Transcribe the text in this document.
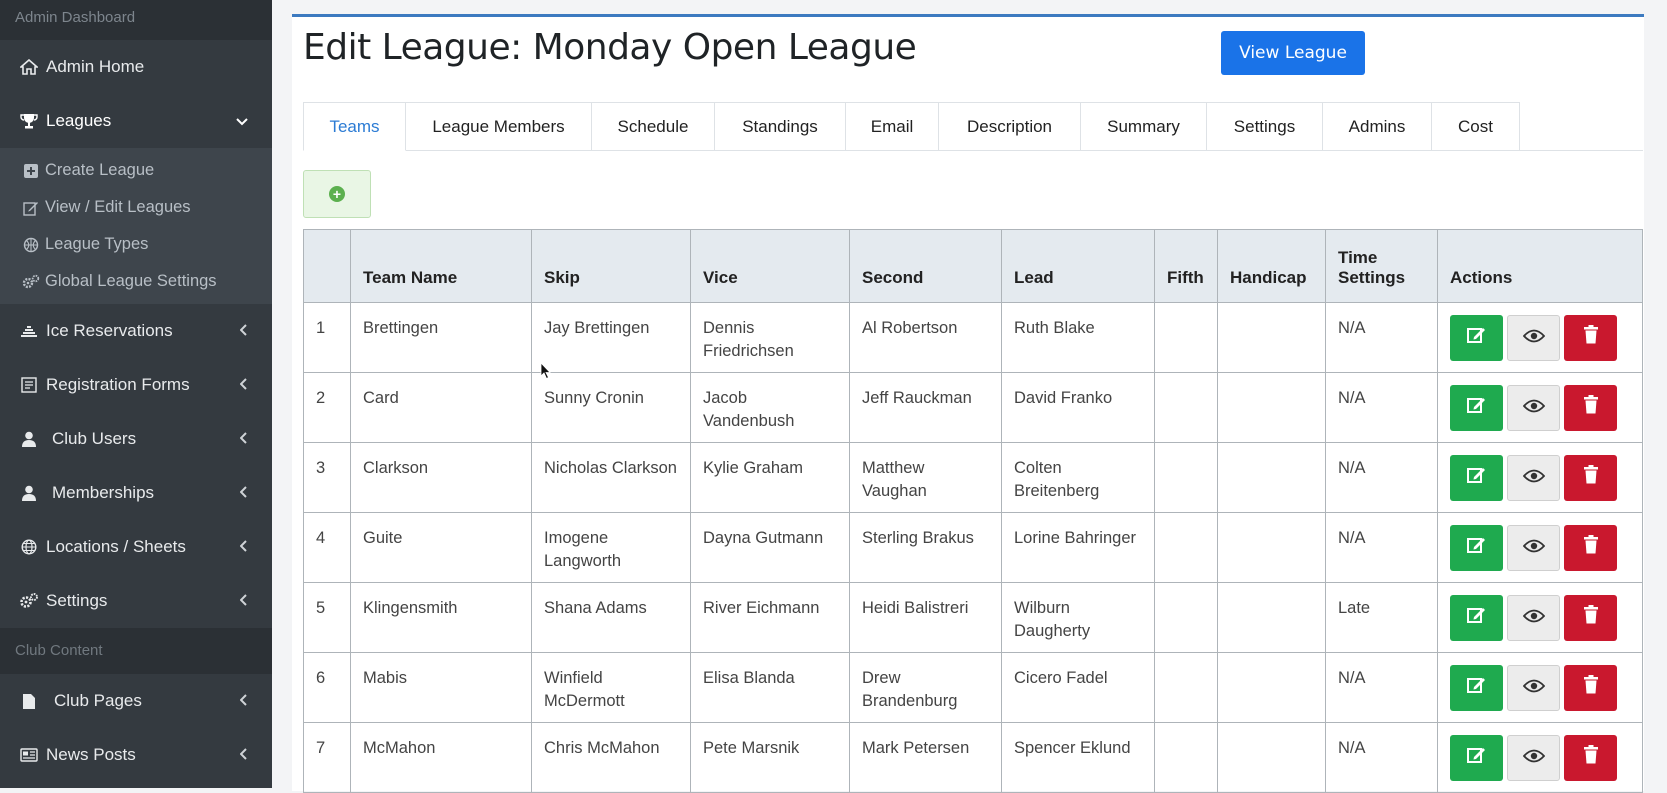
Admin Dashboard
Admin Home
Leagues
Create League
View / Edit Leagues
League Types
Global League Settings
Ice Reservations
Registration Forms
Club Users
Memberships
Locations / Sheets
Settings
Club Content
Club Pages
News Posts
Edit League: Monday Open League	View League
Teams	League Members	Schedule	Standings	Email	Description	Summary	Settings	Admins	Cost
+
	Team Name	Skip	Vice	Second	Lead	Fifth	Handicap	Time Settings	Actions
1	Brettingen	Jay Brettingen	Dennis Friedrichsen	Al Robertson	Ruth Blake			N/A	

2	Card	Sunny Cronin	Jacob Vandenbush	Jeff Rauckman	David Franko			N/A	

3	Clarkson	Nicholas Clarkson	Kylie Graham	Matthew Vaughan	Colten Breitenberg			N/A	

4	Guite	Imogene Langworth	Dayna Gutmann	Sterling Brakus	Lorine Bahringer			N/A	

5	Klingensmith	Shana Adams	River Eichmann	Heidi Balistreri	Wilburn Daugherty			Late	

6	Mabis	Winfield McDermott	Elisa Blanda	Drew Brandenburg	Cicero Fadel			N/A	

7	McMahon	Chris McMahon	Pete Marsnik	Mark Petersen	Spencer Eklund			N/A	
